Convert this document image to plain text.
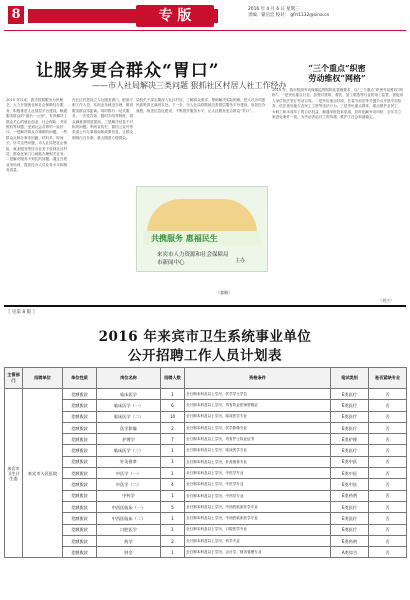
8	专 版	2016 年 4 月 6 日 星期三
责编：蒙启宏 校对： gfrt1132@sina.cn
让服务更合群众“胃口”
——市人社局解决三类问题 狠抓社区村居人社工作经办
“三个重点”织密
劳动维权“网格”
2015 年以来，我市按照服务为民理念，大力开展就业和社会保障经办服务，积极推进人社基层平台建设，畅通服务群众的“最后一公里”，有效解决了群众关心的就业创业、社会保险、劳动维权等问题，受到社会各界的一致好评。一是解决群众办事难的问题。一些群众反映办事来回跑、材料多、时间长，针对这些问题，市人社局把社会保险、就业服务等经办业务下放到社区村居，群众在家门口就能办理相关业务。二是解决服务不到位的问题。通过开展业务培训，提高经办人员业务水平和服务质量。
在社区村居设立人社服务窗口，配备专职工作人员，实现业务就近办理，做到服务群众零距离。同时推行一站式服务、一次性告知、限时办结等制度，群众满意度明显提高。三是解决信息不对称的问题。利用宣传栏、微信公众号等渠道公开办事指南和政策信息，让群众明明白白办事，最大限度方便群众。
局机关干部定期深入社区村居，了解群众需求，帮助解决实际困难，把人社各项惠民政策真正落到实处。下一步，市人社局将继续完善基层服务平台建设，规范经办流程，推进信息化建设，不断提升服务水平，让人社服务更合群众“胃口”。
2015 年，我市按照劳动保障监察网格化管理要求，以“三个重点”织密劳动维权“网格”。一是突出重点行业，加强对建筑、餐饮、加工制造等行业的用工监管，督促用人单位依法签订劳动合同。二是突出重点时段，在春节前后等关键节点开展专项检查，依法查处拖欠农民工工资等违法行为。三是突出重点群体，重点维护农民工、女职工和未成年工的合法权益，畅通举报投诉渠道，及时化解劳动纠纷，全年共立案查处案件一批，为劳动者追讨工资待遇，维护了社会和谐稳定。
（童琳）
共携服务 惠福民生
来宾市人力资源和社会保障局
市新闻中心	主办
（刘少）
〖 见第 8 版 〗
2016 年来宾市卫生系统事业单位
公开招聘工作人员计划表
主管部门	招聘单位	单位性质	岗位名称	招聘人数	资格条件	笔试类别	是否紧缺专业
来宾市卫生计生委	来宾市人民医院	差额拨款	临床医学	1	全日制本科及以上学历，医学学士学位	E类医疗	否
		差额拨款	临床医学（一）	6	全日制本科及以上学历，具有执业医师资格证	E类医疗	否
		差额拨款	临床医学（二）	10	全日制本科及以上学历，临床医学专业	E类医疗	否
		差额拨款	医学影像	2	全日制本科及以上学历，医学影像专业	E类医疗	否
		差额拨款	护理学	7	全日制本科及以上学历，具有护士执业证书	E类护理	否
		差额拨款	临床医学（三）	1	全日制本科及以上学历，临床医学专业	E类医疗	否
		差额拨款	针灸推拿	1	全日制本科及以上学历，针灸推拿专业	E类中医	否
		差额拨款	中医学（一）	1	全日制本科及以上学历，中医学专业	E类中医	否
		差额拨款	中医学（二）	4	全日制本科及以上学历，中医学专业	E类中医	否
		差额拨款	中药学	1	全日制本科及以上学历，中药学专业	E类药剂	否
		差额拨款	中西医临床（一）	5	全日制本科及以上学历，中西医临床医学专业	E类医疗	否
		差额拨款	中西医临床（二）	1	全日制本科及以上学历，中西医临床医学专业	E类医疗	否
		差额拨款	口腔医学	1	全日制本科及以上学历，口腔医学专业	E类医疗	否
		差额拨款	药学	2	全日制本科及以上学历，药学专业	E类药剂	否
		差额拨款	财会	1	全日制本科及以上学历，会计学、财务管理专业	A类综合	否
